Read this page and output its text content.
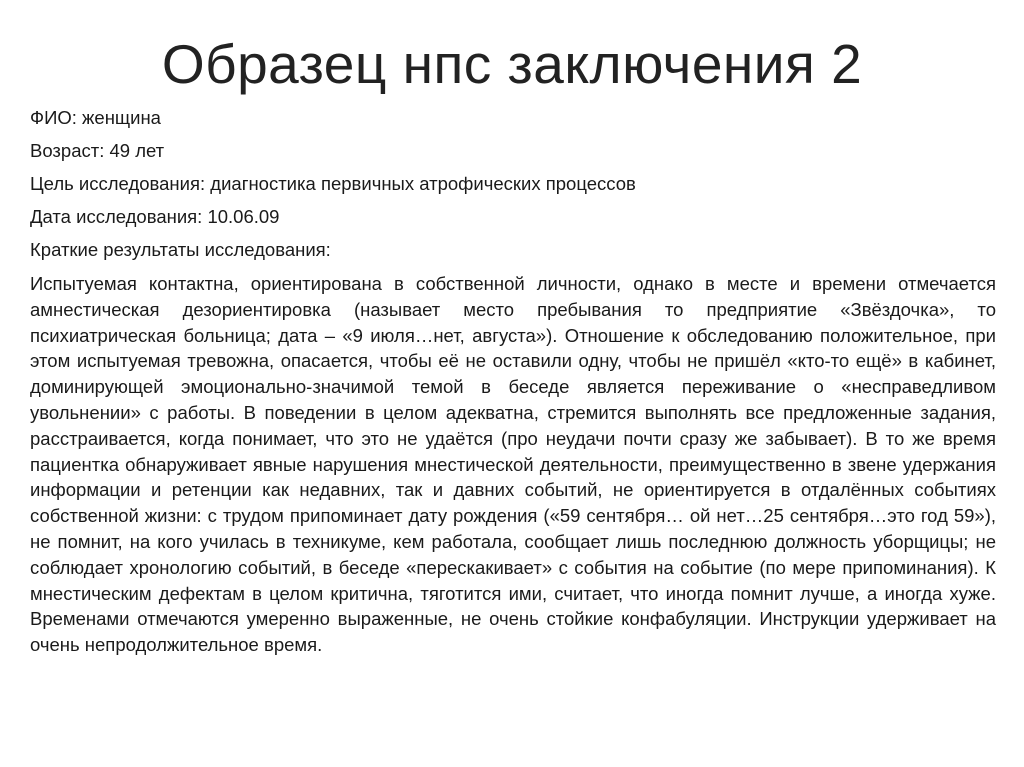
Образец нпс заключения 2
ФИО: женщина
Возраст: 49 лет
Цель исследования: диагностика первичных атрофических процессов
Дата исследования: 10.06.09
Краткие результаты исследования:
Испытуемая контактна, ориентирована в собственной личности, однако в месте и времени отмечается амнестическая дезориентировка (называет место пребывания то предприятие «Звёздочка», то психиатрическая больница; дата – «9 июля…нет, августа»). Отношение к обследованию положительное, при этом испытуемая тревожна, опасается, чтобы её не оставили одну, чтобы не пришёл «кто-то ещё» в кабинет, доминирующей эмоционально-значимой темой в беседе является переживание о «несправедливом увольнении» с работы. В поведении в целом адекватна, стремится выполнять все предложенные задания, расстраивается, когда понимает, что это не удаётся (про неудачи почти сразу же забывает). В то же время пациентка обнаруживает явные нарушения мнестической деятельности, преимущественно в звене удержания информации и ретенции как недавних, так и давних событий, не ориентируется в отдалённых событиях собственной жизни: с трудом припоминает дату рождения («59 сентября… ой нет…25 сентября…это год 59»), не помнит, на кого училась в техникуме, кем работала, сообщает лишь последнюю должность уборщицы; не соблюдает хронологию событий, в беседе «перескакивает» с события на событие (по мере припоминания). К мнестическим дефектам в целом критична, тяготится ими, считает, что иногда помнит лучше, а иногда хуже. Временами отмечаются умеренно выраженные, не очень стойкие конфабуляции. Инструкции удерживает на очень непродолжительное время.
